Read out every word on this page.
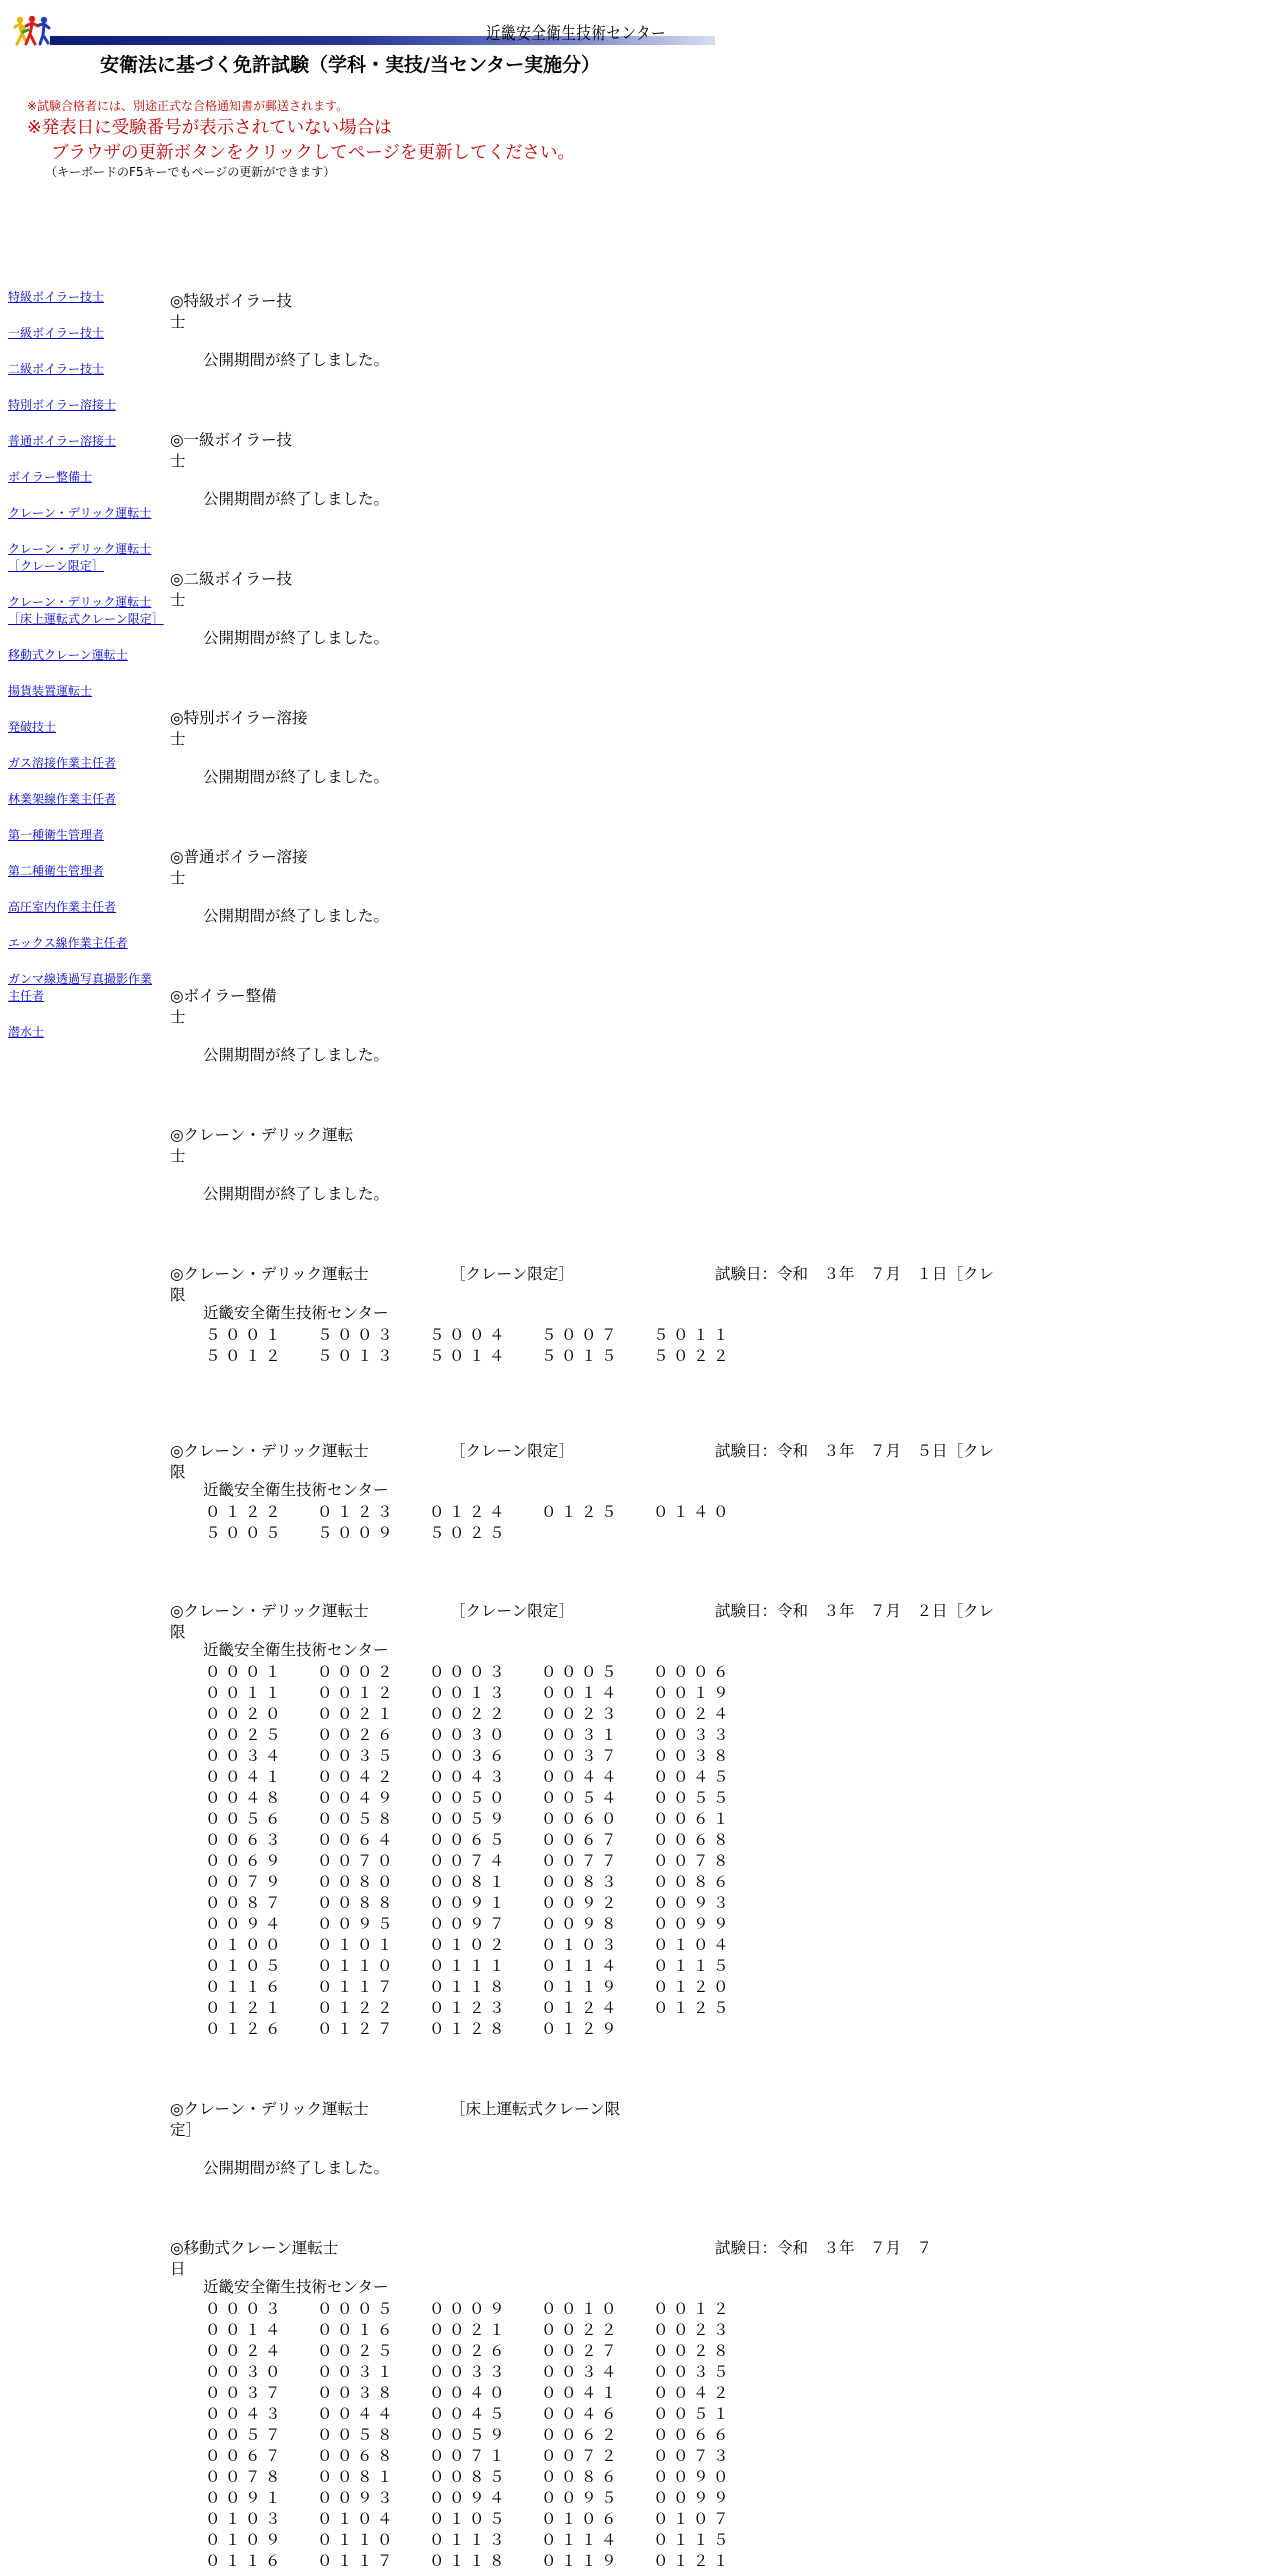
近畿安全衛生技術センター
安衛法に基づく免許試験（学科・実技/当センター実施分）
※試験合格者には、別途正式な合格通知書が郵送されます。
※発表日に受験番号が表示されていない場合は
ブラウザの更新ボタンをクリックしてページを更新してください。
（キーボードのF5キーでもページの更新ができます）
特級ボイラー技士
一級ボイラー技士
二級ボイラー技士
特別ボイラー溶接士
普通ボイラー溶接士
ボイラー整備士
クレーン・デリック運転士
クレーン・デリック運転士［クレーン限定］
クレーン・デリック運転士［床上運転式クレーン限定］
移動式クレーン運転士
揚貨装置運転士
発破技士
ガス溶接作業主任者
林業架線作業主任者
第一種衛生管理者
第二種衛生管理者
高圧室内作業主任者
エックス線作業主任者
ガンマ線透過写真撮影作業主任者
潜水士
◎特級ボイラー技
士
公開期間が終了しました。
◎一級ボイラー技
士
公開期間が終了しました。
◎二級ボイラー技
士
公開期間が終了しました。
◎特別ボイラー溶接
士
公開期間が終了しました。
◎普通ボイラー溶接
士
公開期間が終了しました。
◎ボイラー整備
士
公開期間が終了しました。
◎クレーン・デリック運転
士
公開期間が終了しました。
◎クレーン・デリック運転士
限
［クレーン限定］	試験日：令和　３年　７月　１日［クレ
近畿安全衛生技術センター
５００１ ５００３ ５００４ ５００７ ５０１１
５０１２ ５０１３ ５０１４ ５０１５ ５０２２
◎クレーン・デリック運転士
限
［クレーン限定］	試験日：令和　３年　７月　５日［クレ
近畿安全衛生技術センター
０１２２ ０１２３ ０１２４ ０１２５ ０１４０
５００５ ５００９ ５０２５
◎クレーン・デリック運転士
限
［クレーン限定］	試験日：令和　３年　７月　２日［クレ
近畿安全衛生技術センター
０００１ ０００２ ０００３ ０００５ ０００６
００１１ ００１２ ００１３ ００１４ ００１９
００２０ ００２１ ００２２ ００２３ ００２４
００２５ ００２６ ００３０ ００３１ ００３３
００３４ ００３５ ００３６ ００３７ ００３８
００４１ ００４２ ００４３ ００４４ ００４５
００４８ ００４９ ００５０ ００５４ ００５５
００５６ ００５８ ００５９ ００６０ ００６１
００６３ ００６４ ００６５ ００６７ ００６８
００６９ ００７０ ００７４ ００７７ ００７８
００７９ ００８０ ００８１ ００８３ ００８６
００８７ ００８８ ００９１ ００９２ ００９３
００９４ ００９５ ００９７ ００９８ ００９９
０１００ ０１０１ ０１０２ ０１０３ ０１０４
０１０５ ０１１０ ０１１１ ０１１４ ０１１５
０１１６ ０１１７ ０１１８ ０１１９ ０１２０
０１２１ ０１２２ ０１２３ ０１２４ ０１２５
０１２６ ０１２７ ０１２８ ０１２９
◎クレーン・デリック運転士
定］
［床上運転式クレーン限
公開期間が終了しました。
◎移動式クレーン運転士
日
試験日：令和　３年　７月　７
近畿安全衛生技術センター
０００３ ０００５ ０００９ ００１０ ００１２
００１４ ００１６ ００２１ ００２２ ００２３
００２４ ００２５ ００２６ ００２７ ００２８
００３０ ００３１ ００３３ ００３４ ００３５
００３７ ００３８ ００４０ ００４１ ００４２
００４３ ００４４ ００４５ ００４６ ００５１
００５７ ００５８ ００５９ ００６２ ００６６
００６７ ００６８ ００７１ ００７２ ００７３
００７８ ００８１ ００８５ ００８６ ００９０
００９１ ００９３ ００９４ ００９５ ００９９
０１０３ ０１０４ ０１０５ ０１０６ ０１０７
０１０９ ０１１０ ０１１３ ０１１４ ０１１５
０１１６ ０１１７ ０１１８ ０１１９ ０１２１
